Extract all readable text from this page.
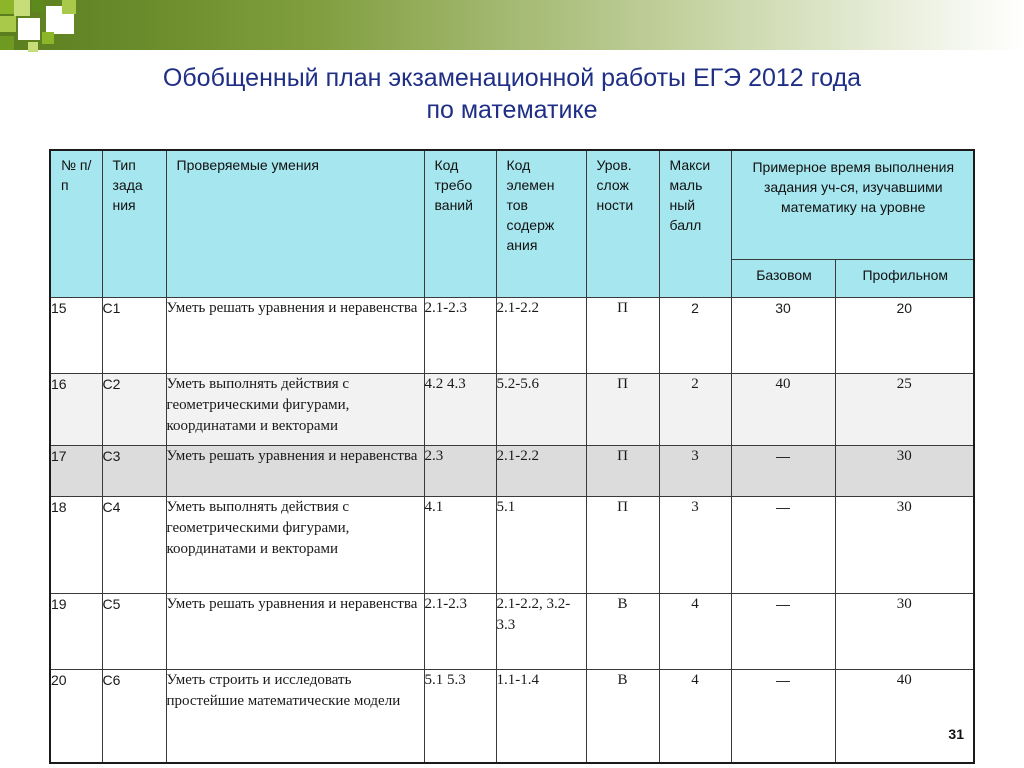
Обобщенный план экзаменационной работы ЕГЭ 2012 года
по математике
№ п/п	Тип зада ния	Проверяемые умения	Код требо ваний	Код элемен тов содерж ания	Уров. слож ности	Макси маль ный балл	Примерное время выполнения задания уч-ся, изучавшими математику на уровне	
							Базовом	Профильном
15	С1	Уметь решать уравнения и неравенства	2.1-2.3	2.1-2.2	П	2	30	20
16	С2	Уметь выполнять действия с геометрическими фигурами, координатами и векторами	4.2 4.3	5.2-5.6	П	2	40	25
17	С3	Уметь решать уравнения и неравенства	2.3	2.1-2.2	П	3	—	30
18	С4	Уметь выполнять действия с геометрическими фигурами, координатами и векторами	4.1	5.1	П	3	—	30
19	С5	Уметь решать уравнения и неравенства	2.1-2.3	2.1-2.2, 3.2-3.3	В	4	—	30
20	С6	Уметь строить и исследовать простейшие математические модели	5.1 5.3	1.1-1.4	В	4	—	40
31
